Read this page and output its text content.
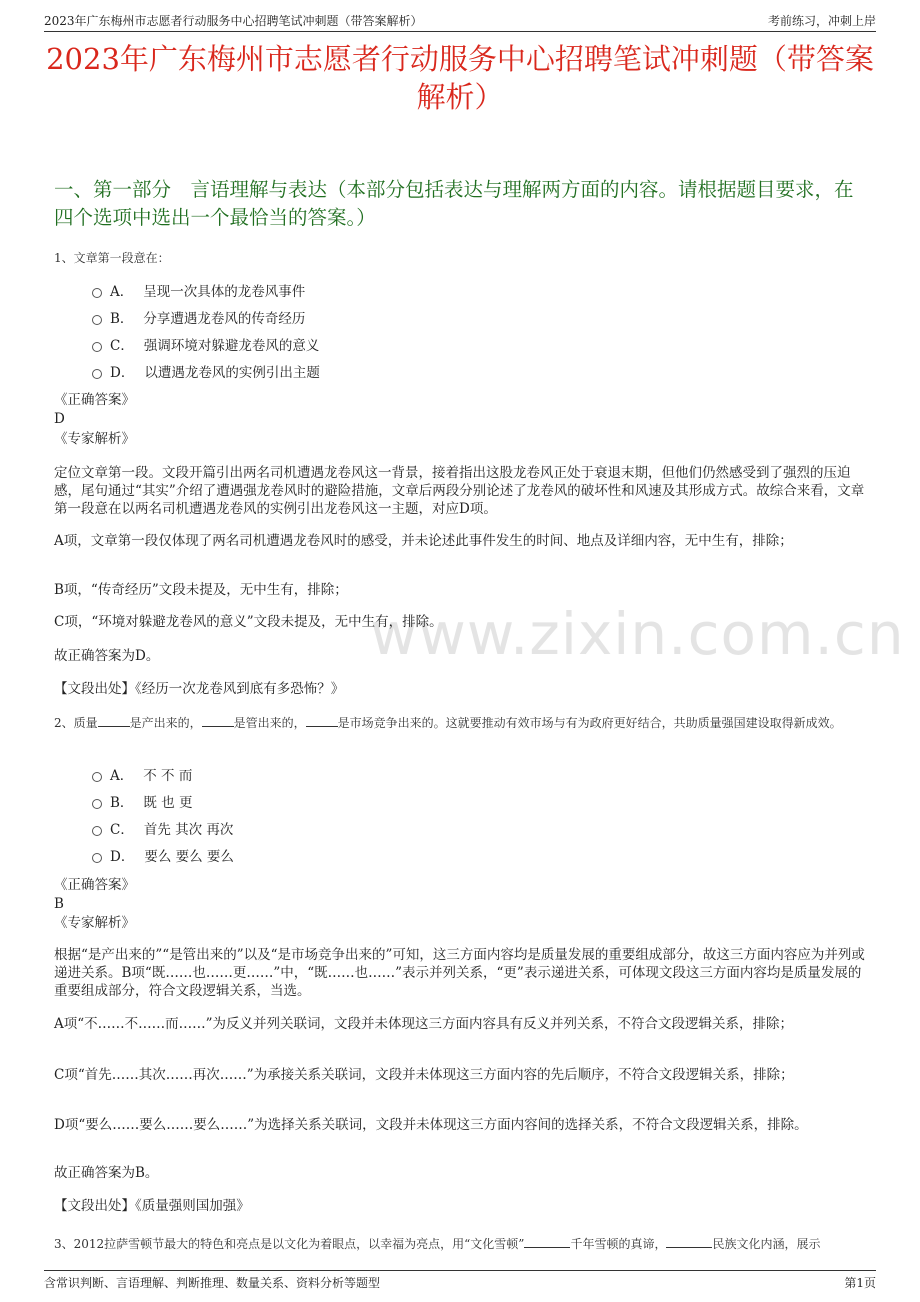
2023年广东梅州市志愿者行动服务中心招聘笔试冲刺题（带答案解析）	考前练习，冲刺上岸
www.zixin.com.cn
2023年广东梅州市志愿者行动服务中心招聘笔试冲刺题（带答案解析）
一、第一部分　言语理解与表达（本部分包括表达与理解两方面的内容。请根据题目要求，在四个选项中选出一个最恰当的答案。）
1、文章第一段意在：
A． 呈现一次具体的龙卷风事件
B． 分享遭遇龙卷风的传奇经历
C． 强调环境对躲避龙卷风的意义
D． 以遭遇龙卷风的实例引出主题
《正确答案》
D
《专家解析》
定位文章第一段。文段开篇引出两名司机遭遇龙卷风这一背景，接着指出这股龙卷风正处于衰退末期，但他们仍然感受到了强烈的压迫感，尾句通过“其实”介绍了遭遇强龙卷风时的避险措施，文章后两段分别论述了龙卷风的破坏性和风速及其形成方式。故综合来看，文章第一段意在以两名司机遭遇龙卷风的实例引出龙卷风这一主题，对应D项。
A项，文章第一段仅体现了两名司机遭遇龙卷风时的感受，并未论述此事件发生的时间、地点及详细内容，无中生有，排除；
B项，“传奇经历”文段未提及，无中生有，排除；
C项，“环境对躲避龙卷风的意义”文段未提及，无中生有，排除。
故正确答案为D。
【文段出处】《经历一次龙卷风到底有多恐怖？》
2、质量	是产出来的，	是管出来的，	是市场竞争出来的。这就要推动有效市场与有为政府更好结合，共助质量强国建设取得新成效。
A． 不 不 而
B． 既 也 更
C． 首先 其次 再次
D． 要么 要么 要么
《正确答案》
B
《专家解析》
根据“是产出来的”“是管出来的”以及“是市场竞争出来的”可知，这三方面内容均是质量发展的重要组成部分，故这三方面内容应为并列或递进关系。B项“既……也……更……”中，“既……也……”表示并列关系，“更”表示递进关系，可体现文段这三方面内容均是质量发展的重要组成部分，符合文段逻辑关系，当选。
A项“不……不……而……”为反义并列关联词，文段并未体现这三方面内容具有反义并列关系，不符合文段逻辑关系，排除；
C项“首先……其次……再次……”为承接关系关联词，文段并未体现这三方面内容的先后顺序，不符合文段逻辑关系，排除；
D项“要么……要么……要么……”为选择关系关联词，文段并未体现这三方面内容间的选择关系，不符合文段逻辑关系，排除。
故正确答案为B。
【文段出处】《质量强则国加强》
3、2012拉萨雪顿节最大的特色和亮点是以文化为着眼点，以幸福为亮点，用“文化雪顿”	千年雪顿的真谛，	民族文化内涵，展示
含常识判断、言语理解、判断推理、数量关系、资料分析等题型	第1页
